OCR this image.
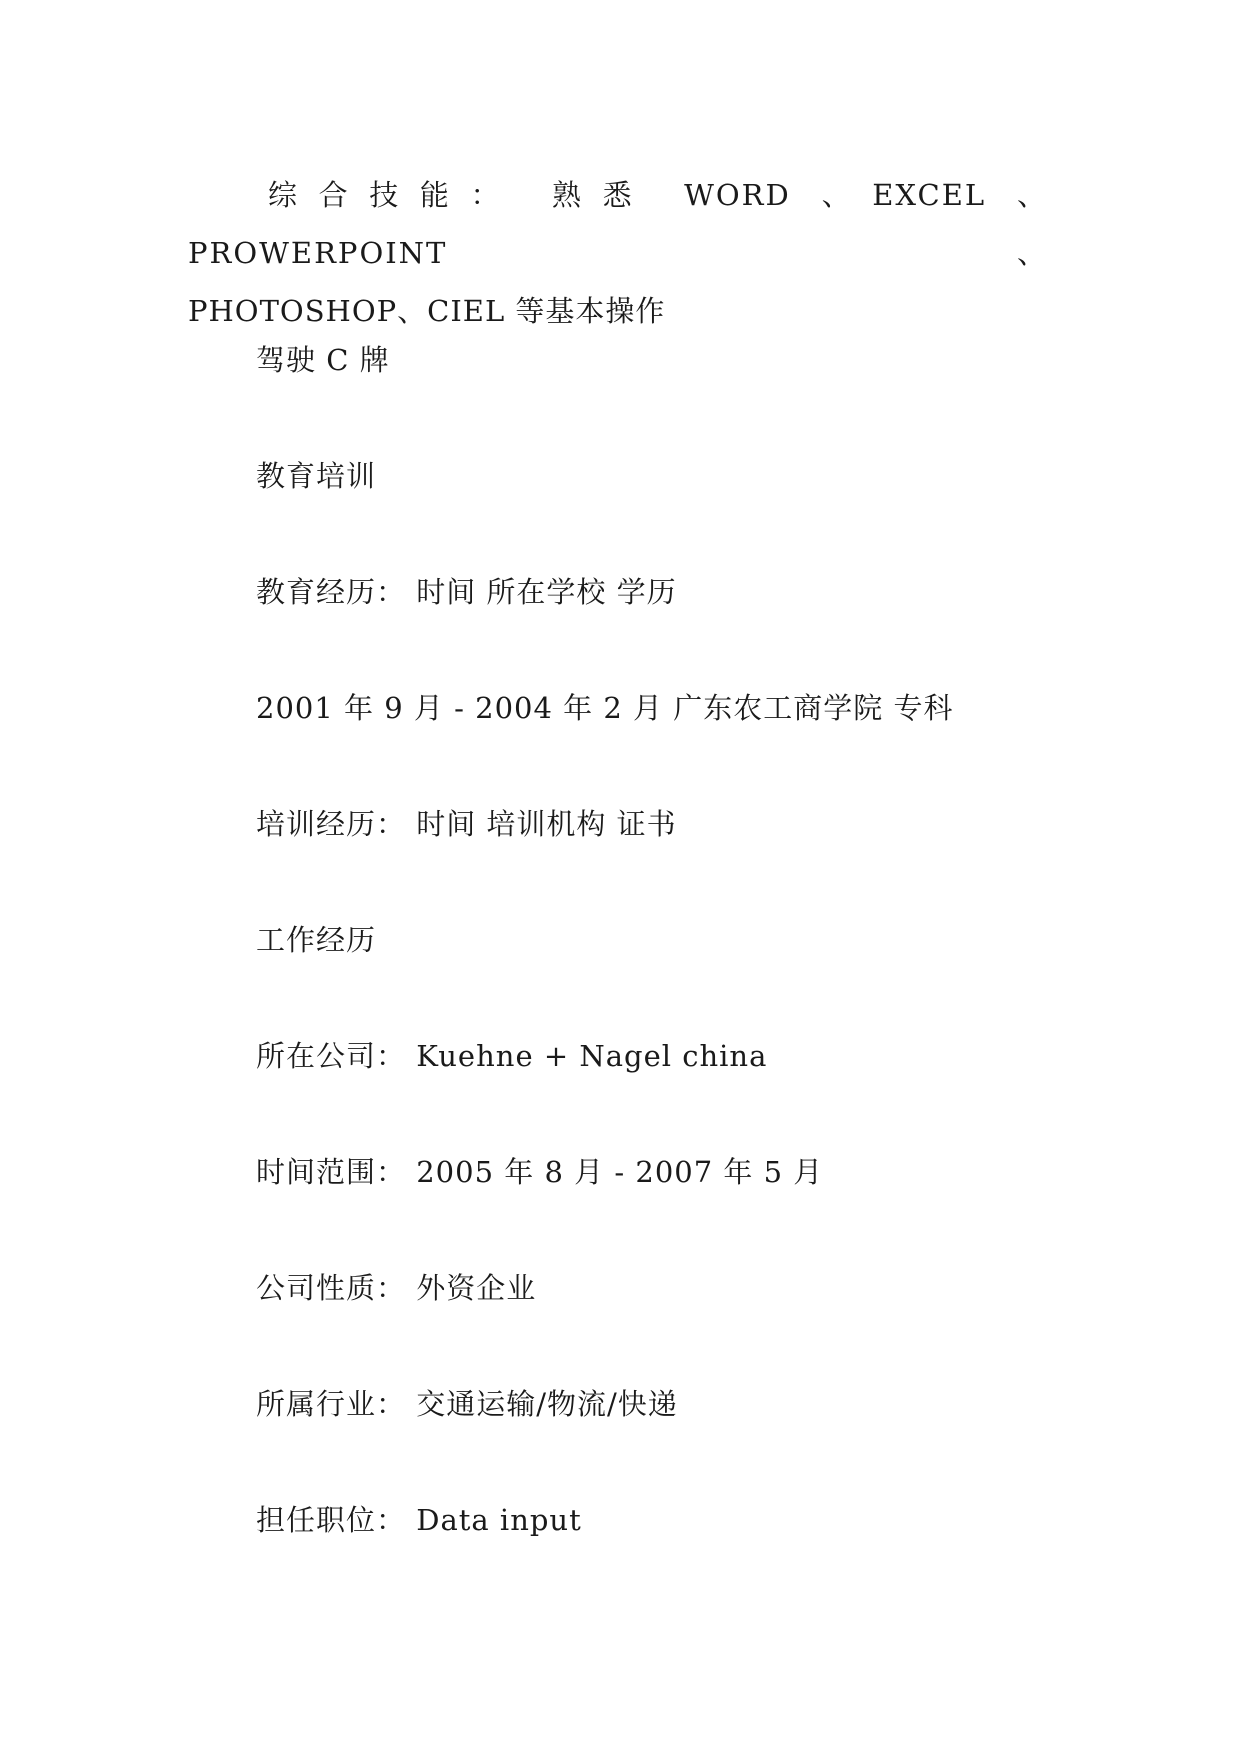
综合技能： 熟悉 WORD 、EXCEL 、PROWERPOINT 、
PHOTOSHOP、CIEL 等基本操作
驾驶 C 牌
教育培训
教育经历： 时间 所在学校 学历
2001 年 9 月 - 2004 年 2 月 广东农工商学院 专科
培训经历： 时间 培训机构 证书
工作经历
所在公司： Kuehne + Nagel china
时间范围： 2005 年 8 月 - 2007 年 5 月
公司性质： 外资企业
所属行业： 交通运输/物流/快递
担任职位： Data input
